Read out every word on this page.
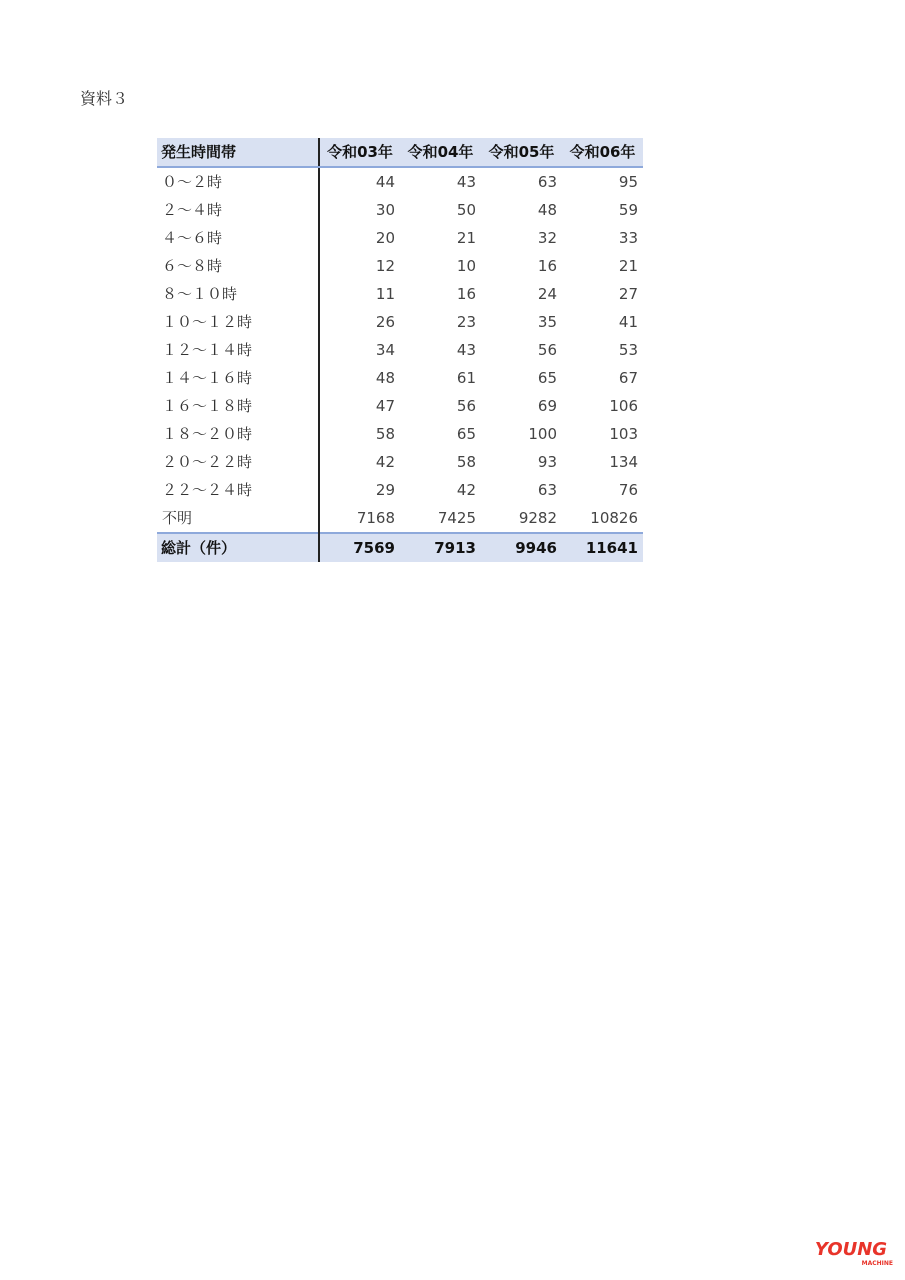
資料３
発生時間帯	令和03年	令和04年	令和05年	令和06年
０～２時	44	43	63	95
２～４時	30	50	48	59
４～６時	20	21	32	33
６～８時	12	10	16	21
８～１０時	11	16	24	27
１０～１２時	26	23	35	41
１２～１４時	34	43	56	53
１４～１６時	48	61	65	67
１６～１８時	47	56	69	106
１８～２０時	58	65	100	103
２０～２２時	42	58	93	134
２２～２４時	29	42	63	76
不明	7168	7425	9282	10826
総計（件）	7569	7913	9946	11641
YOUNG
MACHINE
